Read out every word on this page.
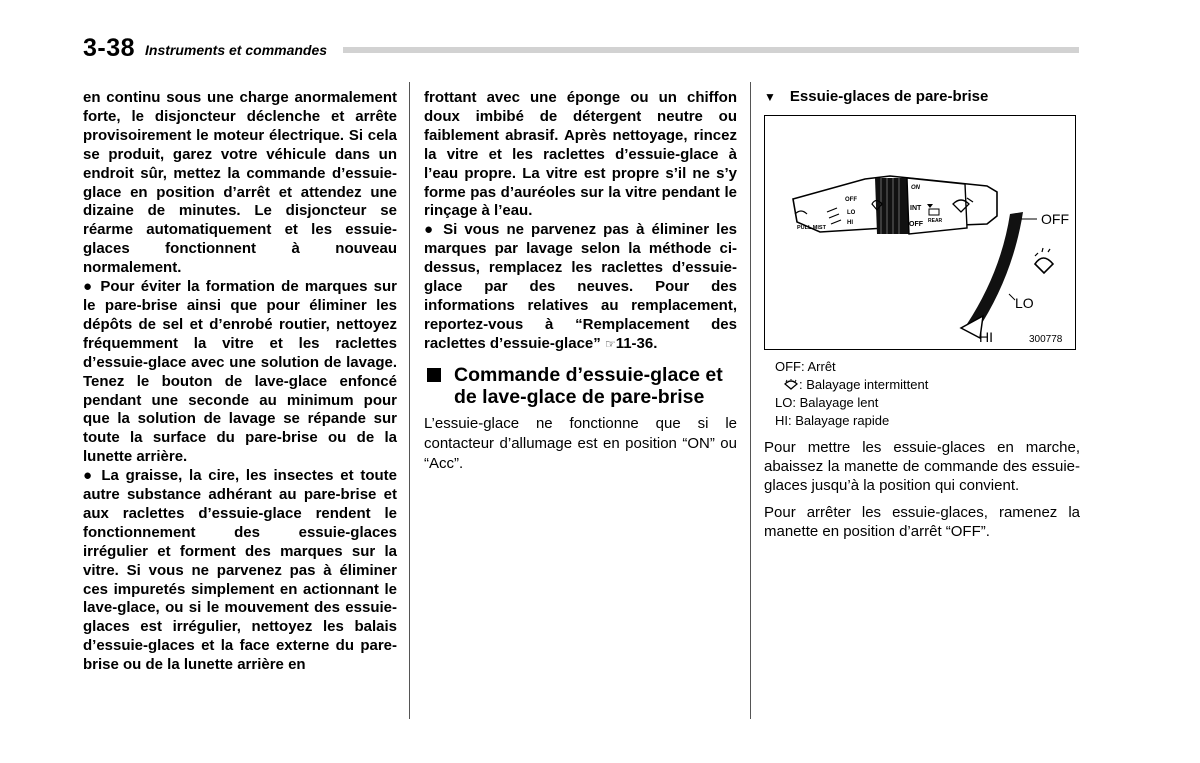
3-38 Instruments et commandes

en continu sous une charge anormalement forte, le disjoncteur déclenche et arrête provisoirement le moteur électrique. Si cela se produit, garez votre véhicule dans un endroit sûr, mettez la commande d’essuie-glace en position d’arrêt et attendez une dizaine de minutes. Le disjoncteur se réarme automatiquement et les essuie-glaces fonctionnent à nouveau normalement.

● Pour éviter la formation de marques sur le pare-brise ainsi que pour éliminer les dépôts de sel et d’enrobé routier, nettoyez fréquemment la vitre et les raclettes d’essuie-glace avec une solution de lavage. Tenez le bouton de lave-glace enfoncé pendant une seconde au minimum pour que la solution de lavage se répande sur toute la surface du pare-brise ou de la lunette arrière.

● La graisse, la cire, les insectes et toute autre substance adhérant au pare-brise et aux raclettes d’essuie-glace rendent le fonctionnement des essuie-glaces irrégulier et forment des marques sur la vitre. Si vous ne parvenez pas à éliminer ces impuretés simplement en actionnant le lave-glace, ou si le mouvement des essuie-glaces est irrégulier, nettoyez les balais d’essuie-glaces et la face externe du pare-brise ou de la lunette arrière en

frottant avec une éponge ou un chiffon doux imbibé de détergent neutre ou faiblement abrasif. Après nettoyage, rincez la vitre et les raclettes d’essuie-glace à l’eau propre. La vitre est propre s’il ne s’y forme pas d’auréoles sur la vitre pendant le rinçage à l’eau.

● Si vous ne parvenez pas à éliminer les marques par lavage selon la méthode ci-dessus, remplacez les raclettes d’essuie-glace par des neuves. Pour des informations relatives au remplacement, reportez-vous à “Remplacement des raclettes d’essuie-glace” ☞11-36.

Commande d’essuie-glace et de lave-glace de pare-brise

L’essuie-glace ne fonctionne que si le contacteur d’allumage est en position “ON” ou “Acc”.

▼ Essuie-glaces de pare-brise
PULL MIST
OFF
LO
HI
ON
INT
OFF REAR	OFF
LO
HI	300778
OFF: Arrêt
: Balayage intermittent
LO: Balayage lent
HI: Balayage rapide

Pour mettre les essuie-glaces en marche, abaissez la manette de commande des essuie-glaces jusqu’à la position qui convient.

Pour arrêter les essuie-glaces, ramenez la manette en position d’arrêt “OFF”.
